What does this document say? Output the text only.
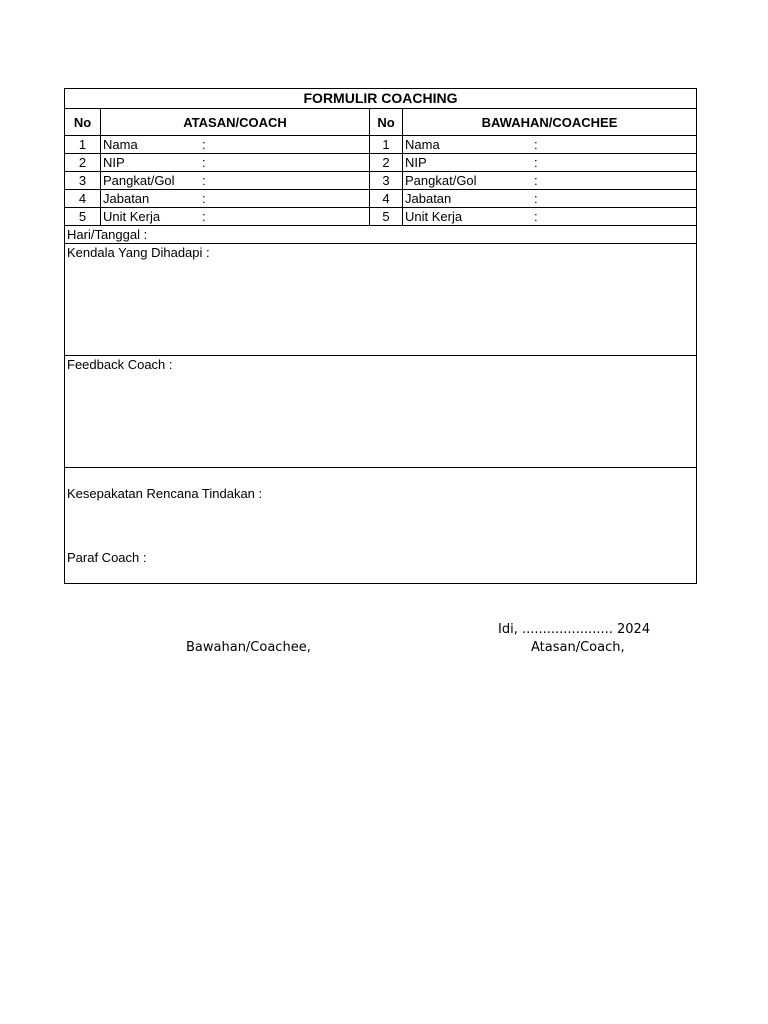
FORMULIR COACHING			
No	ATASAN/COACH	No	BAWAHAN/COACHEE
1	Nama :	1	Nama :

2	NIP :	2	NIP :

3	Pangkat/Gol :	3	Pangkat/Gol :

4	Jabatan :	4	Jabatan :

5	Unit Kerja :	5	Unit Kerja :

Hari/Tanggal :			
Kendala Yang Dihadapi :			
Feedback Coach :			

Kesepakatan Rencana Tindakan :
Paraf Coach :			
Idi, ...................... 2024
Bawahan/Coachee,	Atasan/Coach,
